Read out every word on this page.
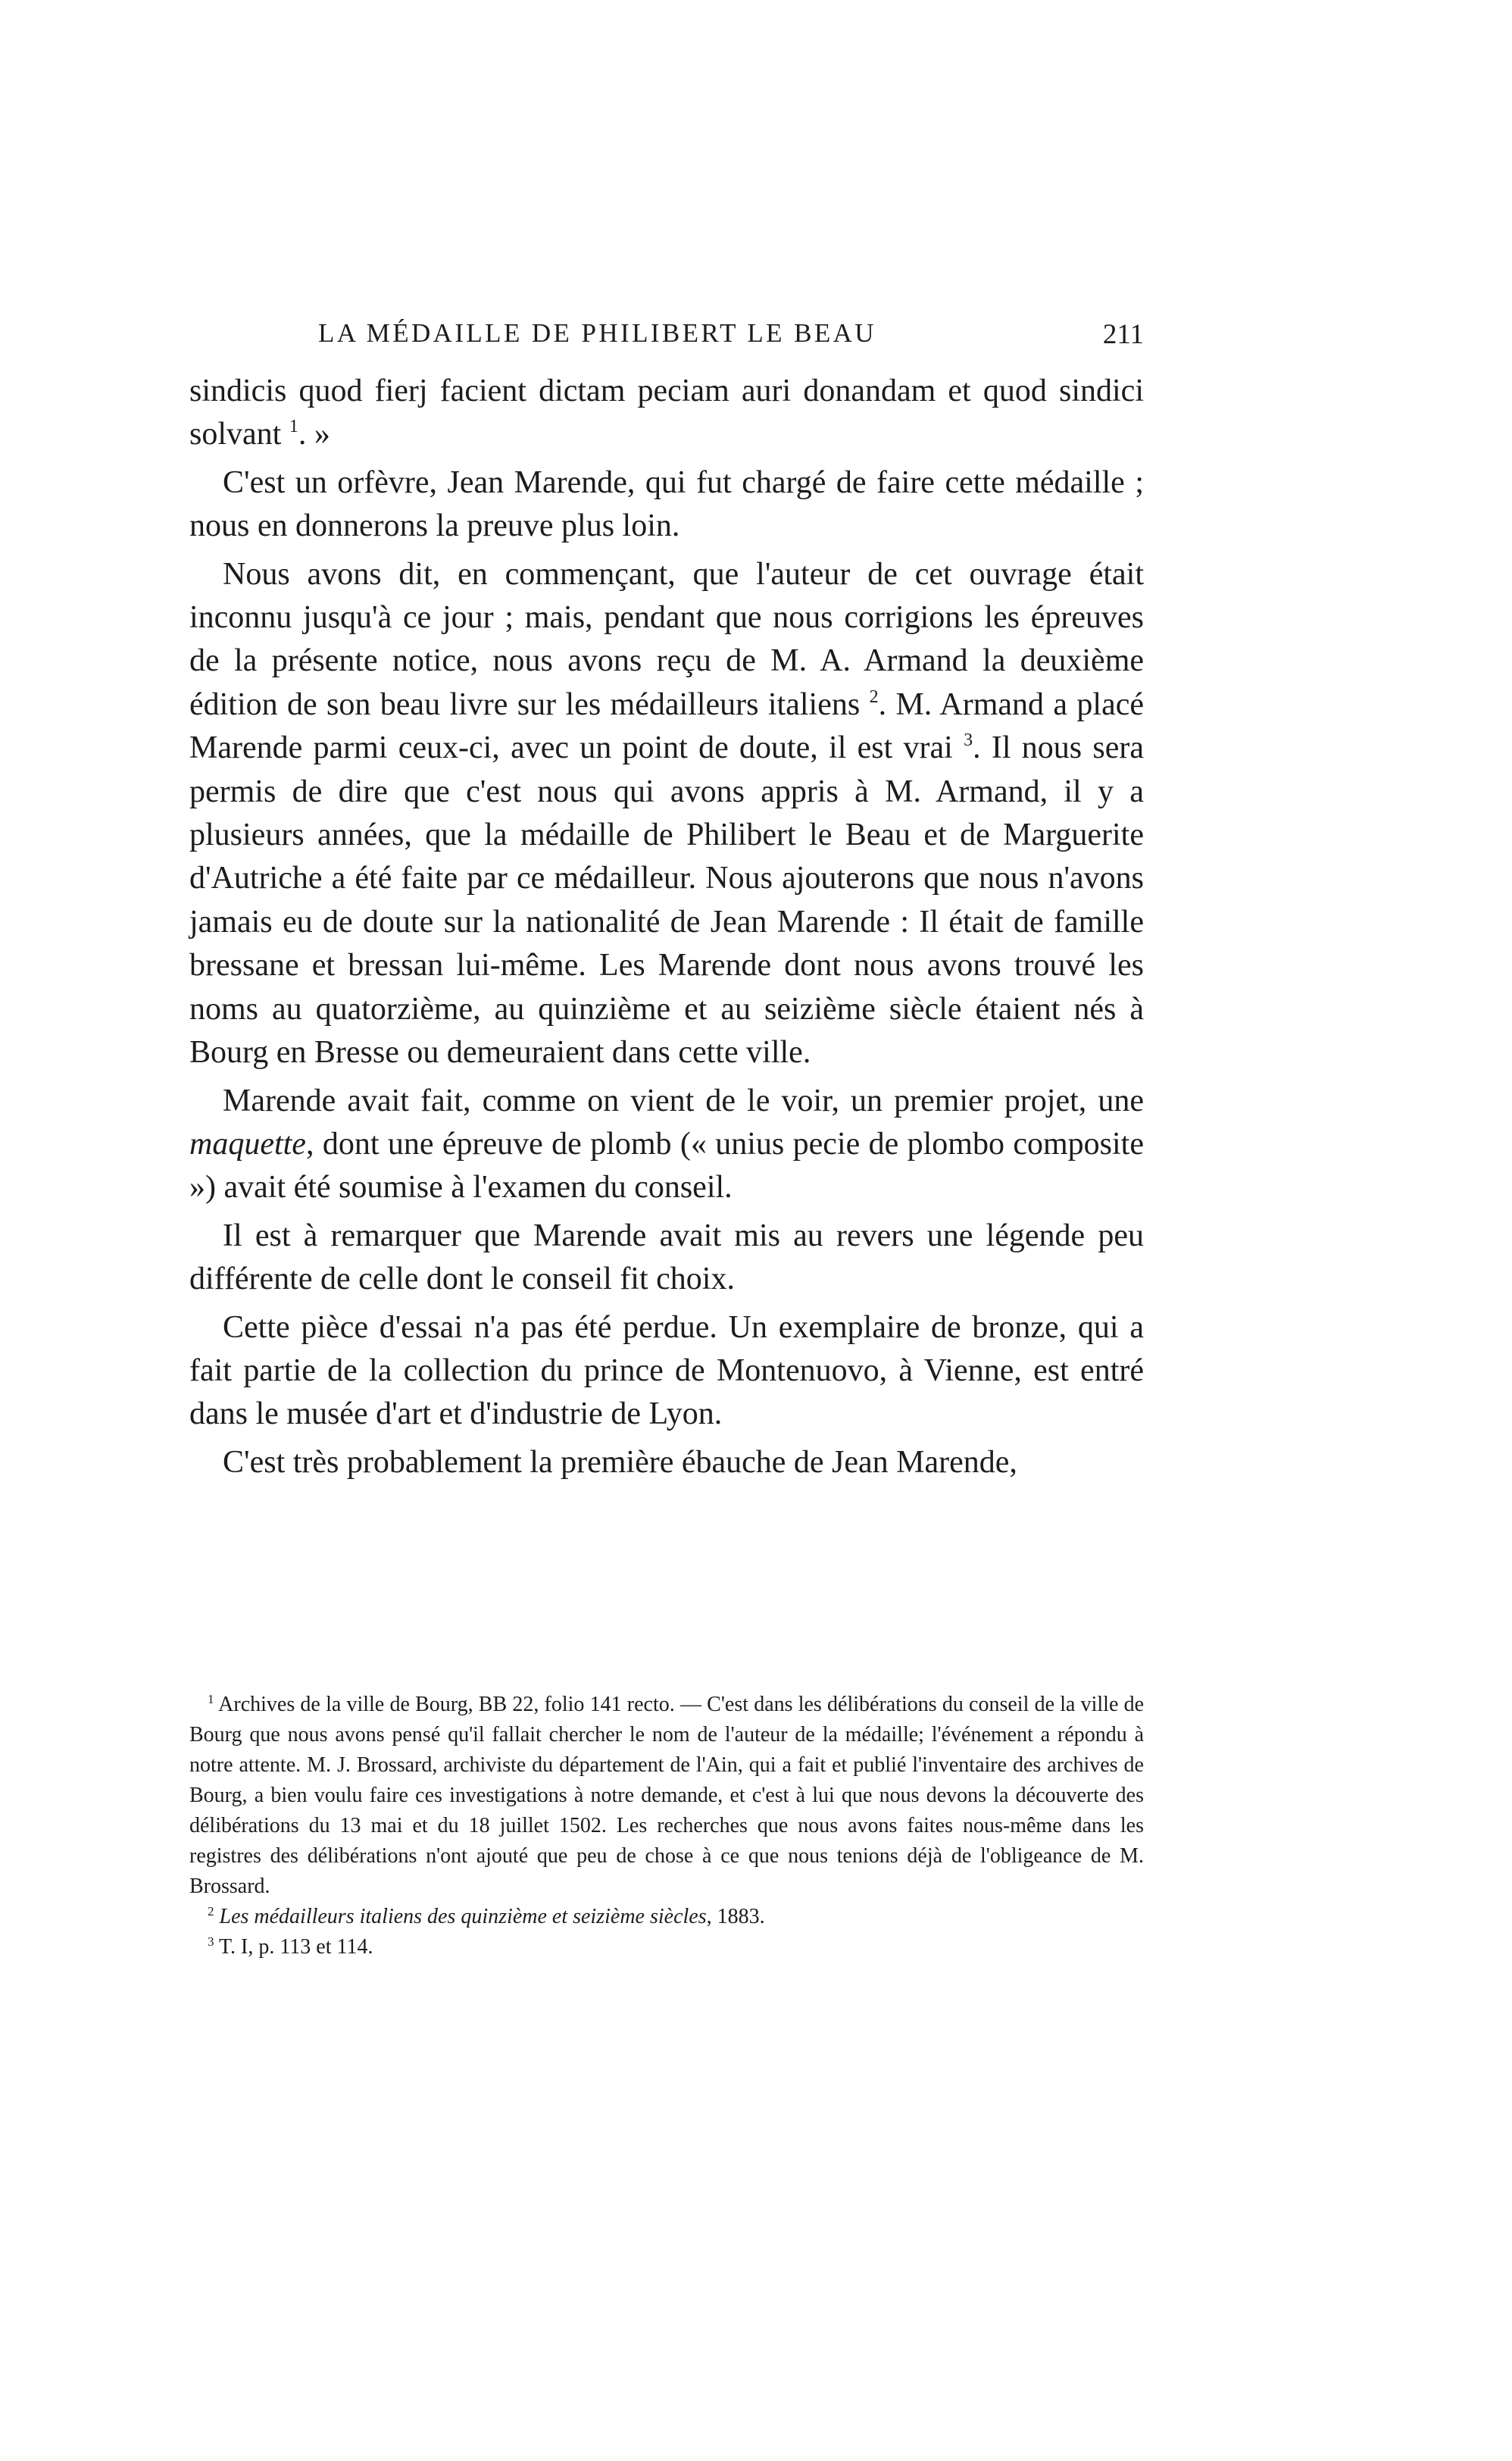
LA MÉDAILLE DE PHILIBERT LE BEAU	211

sindicis quod fierj facient dictam peciam auri donandam et quod sindici solvant $^1$. »

C'est un orfèvre, Jean Marende, qui fut chargé de faire cette médaille ; nous en donnerons la preuve plus loin.

Nous avons dit, en commençant, que l'auteur de cet ouvrage était inconnu jusqu'à ce jour ; mais, pendant que nous corrigions les épreuves de la présente notice, nous avons reçu de M. A. Armand la deuxième édition de son beau livre sur les médailleurs italiens $^2$. M. Armand a placé Marende parmi ceux-ci, avec un point de doute, il est vrai $^3$. Il nous sera permis de dire que c'est nous qui avons appris à M. Armand, il y a plusieurs années, que la médaille de Philibert le Beau et de Marguerite d'Autriche a été faite par ce médailleur. Nous ajouterons que nous n'avons jamais eu de doute sur la nationalité de Jean Marende : Il était de famille bressane et bressan lui-même. Les Marende dont nous avons trouvé les noms au quatorzième, au quinzième et au seizième siècle étaient nés à Bourg en Bresse ou demeuraient dans cette ville.

Marende avait fait, comme on vient de le voir, un premier projet, une maquette, dont une épreuve de plomb (« unius pecie de plombo composite ») avait été soumise à l'examen du conseil.

Il est à remarquer que Marende avait mis au revers une légende peu différente de celle dont le conseil fit choix.

Cette pièce d'essai n'a pas été perdue. Un exemplaire de bronze, qui a fait partie de la collection du prince de Montenuovo, à Vienne, est entré dans le musée d'art et d'industrie de Lyon.

C'est très probablement la première ébauche de Jean Marende,

$^1$ Archives de la ville de Bourg, BB 22, folio 141 recto. — C'est dans les délibérations du conseil de la ville de Bourg que nous avons pensé qu'il fallait chercher le nom de l'auteur de la médaille; l'événement a répondu à notre attente. M. J. Brossard, archiviste du département de l'Ain, qui a fait et publié l'inventaire des archives de Bourg, a bien voulu faire ces investigations à notre demande, et c'est à lui que nous devons la découverte des délibérations du 13 mai et du 18 juillet 1502. Les recherches que nous avons faites nous-même dans les registres des délibérations n'ont ajouté que peu de chose à ce que nous tenions déjà de l'obligeance de M. Brossard.

$^2$ Les médailleurs italiens des quinzième et seizième siècles, 1883.

$^3$ T. I, p. 113 et 114.
